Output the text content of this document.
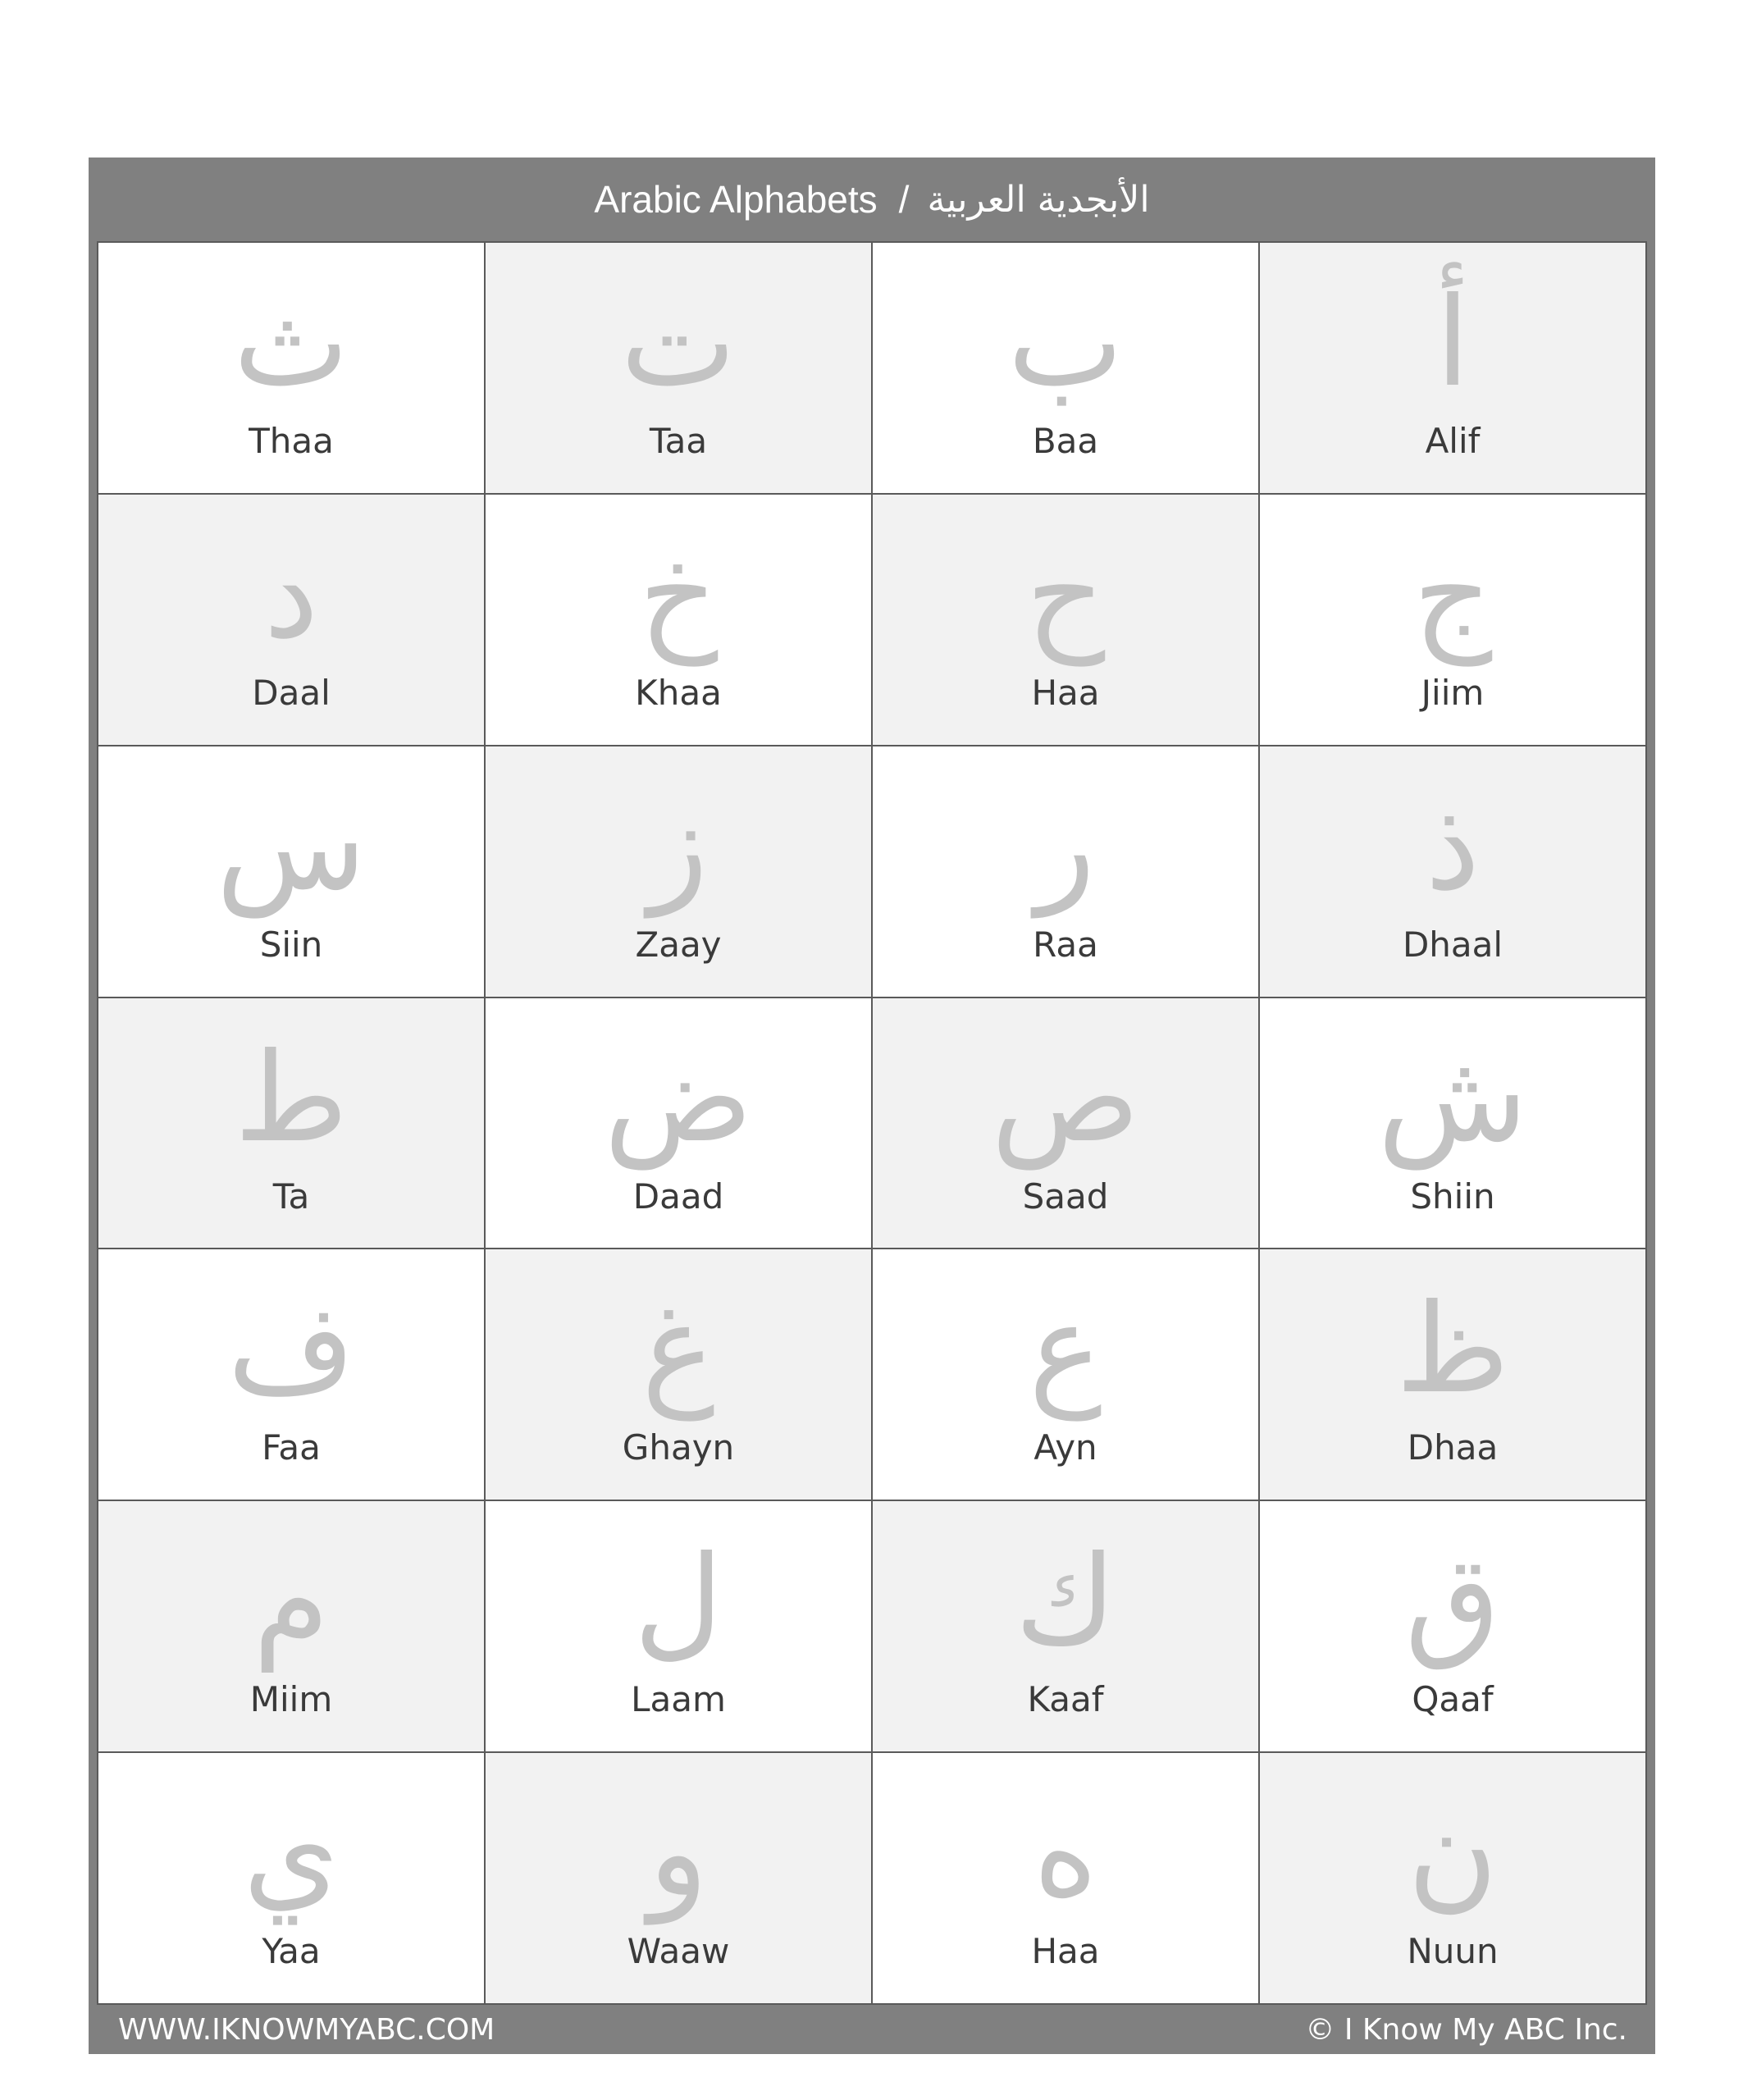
Arabic Alphabets / الأبجدية العربية
ث
Thaa
ت
Taa
ب
Baa
أ
Alif
د
Daal
خ
Khaa
ح
Haa
ج
Jiim
س
Siin
ز
Zaay
ر
Raa
ذ
Dhaal
ط
Ta
ض
Daad
ص
Saad
ش
Shiin
ف
Faa
غ
Ghayn
ع
Ayn
ظ
Dhaa
م
Miim
ل
Laam
ك
Kaaf
ق
Qaaf
ي
Yaa
و
Waaw
ه
Haa
ن
Nuun
WWW.IKNOWMYABC.COM	© I Know My ABC Inc.
